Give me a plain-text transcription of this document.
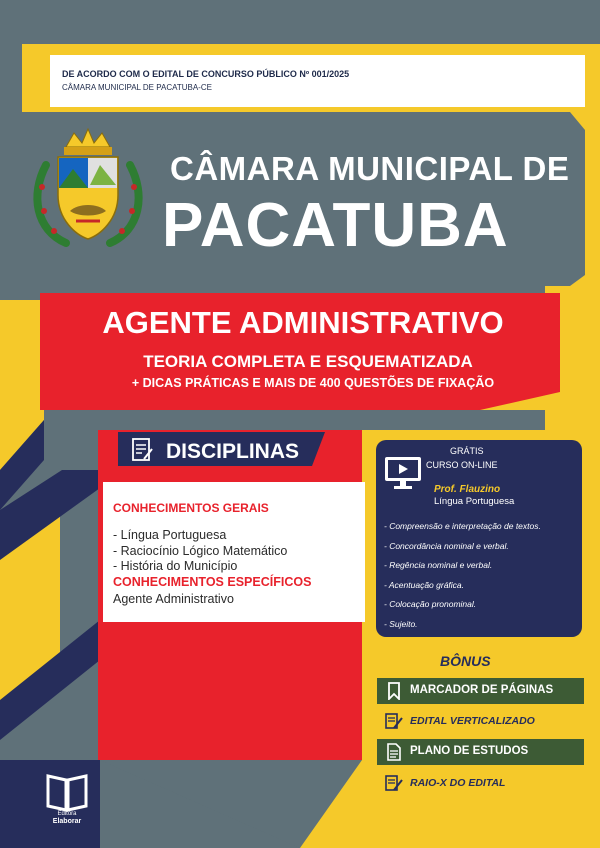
DE ACORDO COM O EDITAL DE CONCURSO PÚBLICO Nº 001/2025
CÂMARA MUNICIPAL DE PACATUBA-CE
CÂMARA MUNICIPAL DE
PACATUBA
AGENTE ADMINISTRATIVO
TEORIA COMPLETA E ESQUEMATIZADA
+ DICAS PRÁTICAS E MAIS DE 400 QUESTÕES DE FIXAÇÃO
DISCIPLINAS
CONHECIMENTOS GERAIS
- Língua Portuguesa
- Raciocínio Lógico Matemático
- História do Município
CONHECIMENTOS ESPECÍFICOS
Agente Administrativo
GRÁTIS
CURSO ON-LINE
Prof. Flauzino
Língua Portuguesa
- Compreensão e interpretação de textos.
- Concordância nominal e verbal.
- Regência nominal e verbal.
- Acentuação gráfica.
- Colocação pronominal.
- Sujeito.
BÔNUS
MARCADOR DE PÁGINAS
EDITAL VERTICALIZADO
PLANO DE ESTUDOS
RAIO-X DO EDITAL
Editora
Elaborar
